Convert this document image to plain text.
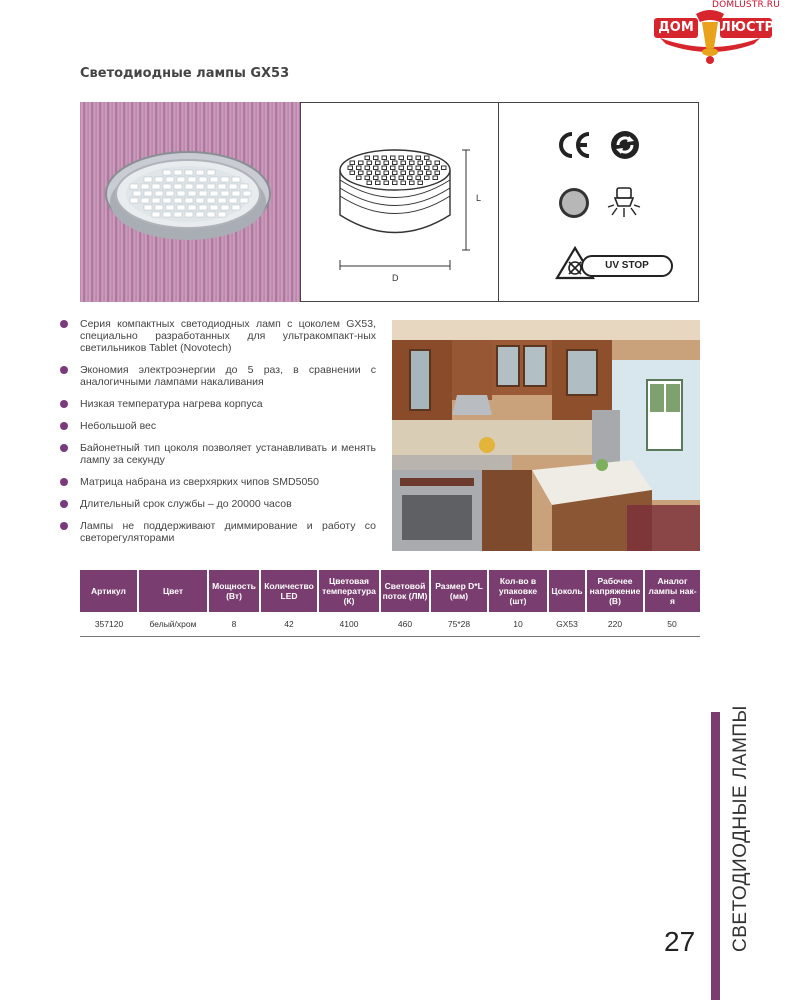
DOMLUSTR.RU
ДОМ	ЛЮСТР
Светодиодные лампы GX53
L
D
UV STOP
Серия компактных светодиодных ламп с цоколем GX53, специально разработанных для ультракомпакт-ных светильников Tablet (Novotech)
Экономия электроэнергии до 5 раз, в сравнении с аналогичными лампами накаливания
Низкая температура нагрева корпуса
Небольшой вес
Байонетный тип цоколя позволяет устанавливать и менять лампу за секунду
Матрица набрана из сверхярких чипов SMD5050
Длительный срок службы – до 20000 часов
Лампы не поддерживают диммирование и работу со светорегуляторами
Артикул	Цвет	Мощность (Вт)	Количество LED	Цветовая температура (К)	Световой поток (ЛМ)	Размер D*L (мм)	Кол-во в упаковке (шт)	Цоколь	Рабочее напряжение (В)	Аналог лампы нак-я
357120	белый/хром	8	42	4100	460	75*28	10	GX53	220	50
СВЕТОДИОДНЫЕ ЛАМПЫ
27
